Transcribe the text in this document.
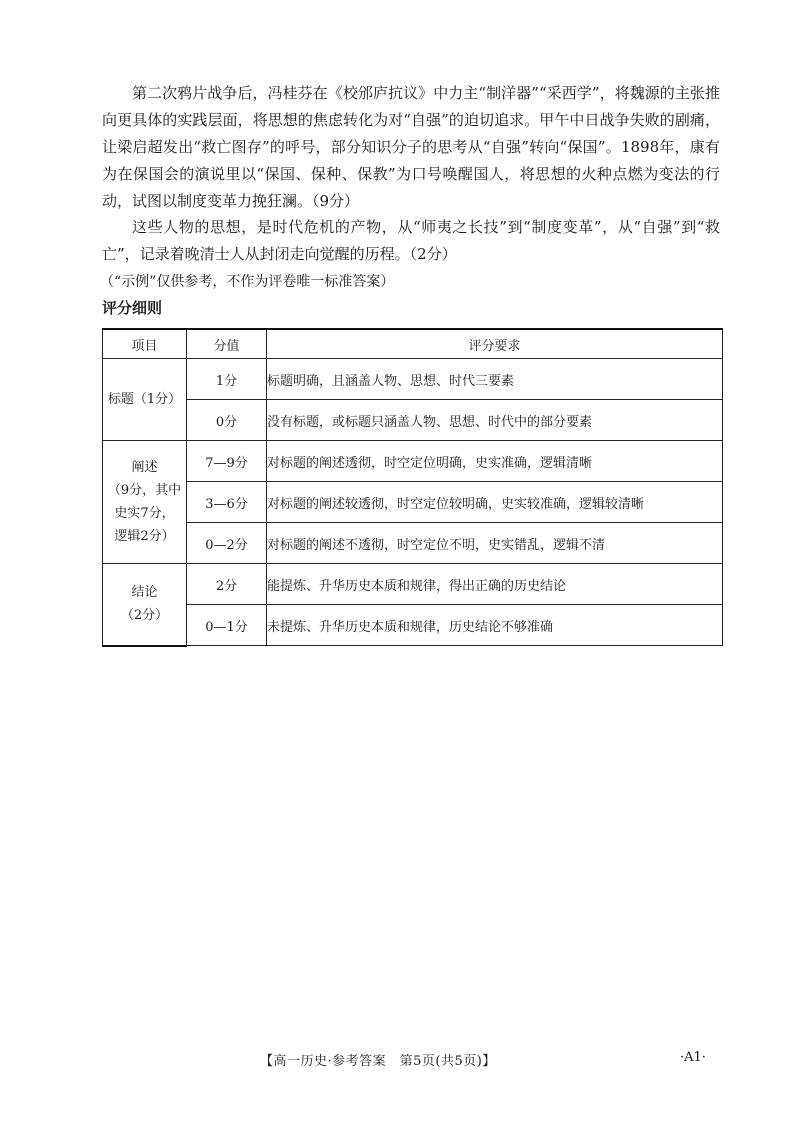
第二次鸦片战争后，冯桂芬在《校邠庐抗议》中力主“制洋器”“采西学”，将魏源的主张推向更具体的实践层面，将思想的焦虑转化为对“自强”的迫切追求。甲午中日战争失败的剧痛，让梁启超发出“救亡图存”的呼号，部分知识分子的思考从“自强”转向“保国”。1898年，康有为在保国会的演说里以“保国、保种、保教”为口号唤醒国人，将思想的火种点燃为变法的行动，试图以制度变革力挽狂澜。（9分）

这些人物的思想，是时代危机的产物，从“师夷之长技”到“制度变革”，从“自强”到“救亡”，记录着晚清士人从封闭走向觉醒的历程。（2分）

（“示例”仅供参考，不作为评卷唯一标准答案）

评分细则

项目	分值	评分要求

标题（1分）	1分	标题明确，且涵盖人物、思想、时代三要素
	0分	没有标题，或标题只涵盖人物、思想、时代中的部分要素

阐述
（9分，其中
史实7分，
逻辑2分）	7—9分	对标题的阐述透彻，时空定位明确，史实准确，逻辑清晰
	3—6分	对标题的阐述较透彻，时空定位较明确，史实较准确，逻辑较清晰
	0—2分	对标题的阐述不透彻，时空定位不明，史实错乱，逻辑不清

结论
（2分）	2分	能提炼、升华历史本质和规律，得出正确的历史结论
	0—1分	未提炼、升华历史本质和规律，历史结论不够准确
【高一历史·参考答案　第5页(共5页)】	·A1·
